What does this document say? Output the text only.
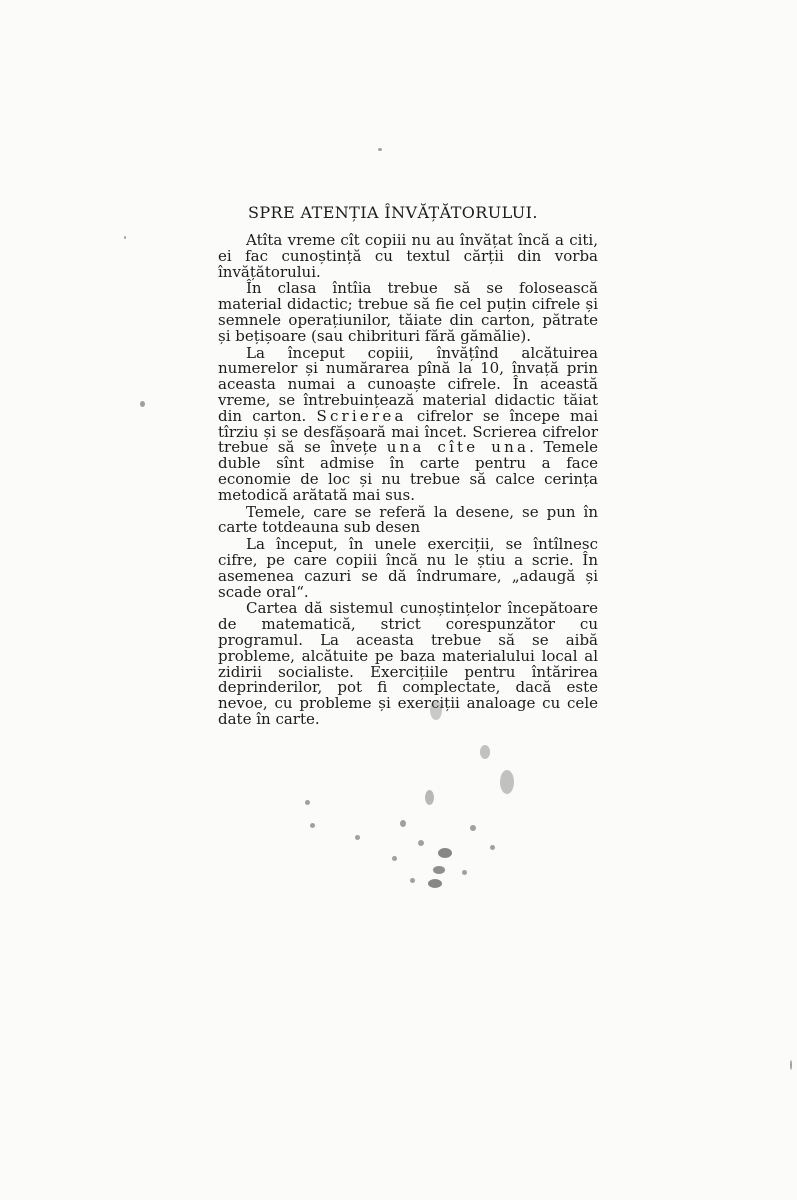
SPRE ATENȚIA ÎNVĂȚĂTORULUI.

Atîta vreme cît copiii nu au învățat încă a citi, ei fac cunoștință cu textul cărții din vorba învățătorului.

În clasa întîia trebue să se folosească material didactic; trebue să fie cel puțin cifrele și semnele operațiunilor, tăiate din carton, pătrate și bețișoare (sau chibrituri fără gămălie).

La început copiii, învățînd alcătuirea numerelor și numărarea pînă la 10, învață prin aceasta numai a cunoaște cifrele. În această vreme, se întrebuințează material didactic tăiat din carton. Scrierea cifrelor se începe mai tîrziu și se desfășoară mai încet. Scrierea cifrelor trebue să se învețe una cîte una. Temele duble sînt admise în carte pentru a face economie de loc și nu trebue să calce cerința metodică arătată mai sus.

Temele, care se referă la desene, se pun în carte totdeauna sub desen

La început, în unele exerciții, se întîlnesc cifre, pe care copiii încă nu le știu a scrie. În asemenea cazuri se dă îndrumare, „adaugă și scade oral“.

Cartea dă sistemul cunoștințelor începătoare de matematică, strict corespunzător cu programul. La aceasta trebue să se aibă probleme, alcătuite pe baza materialului local al zidirii socialiste. Exercițiile pentru întărirea deprinderilor, pot fi complectate, dacă este nevoe, cu probleme și exerciții analoage cu cele date în carte.
